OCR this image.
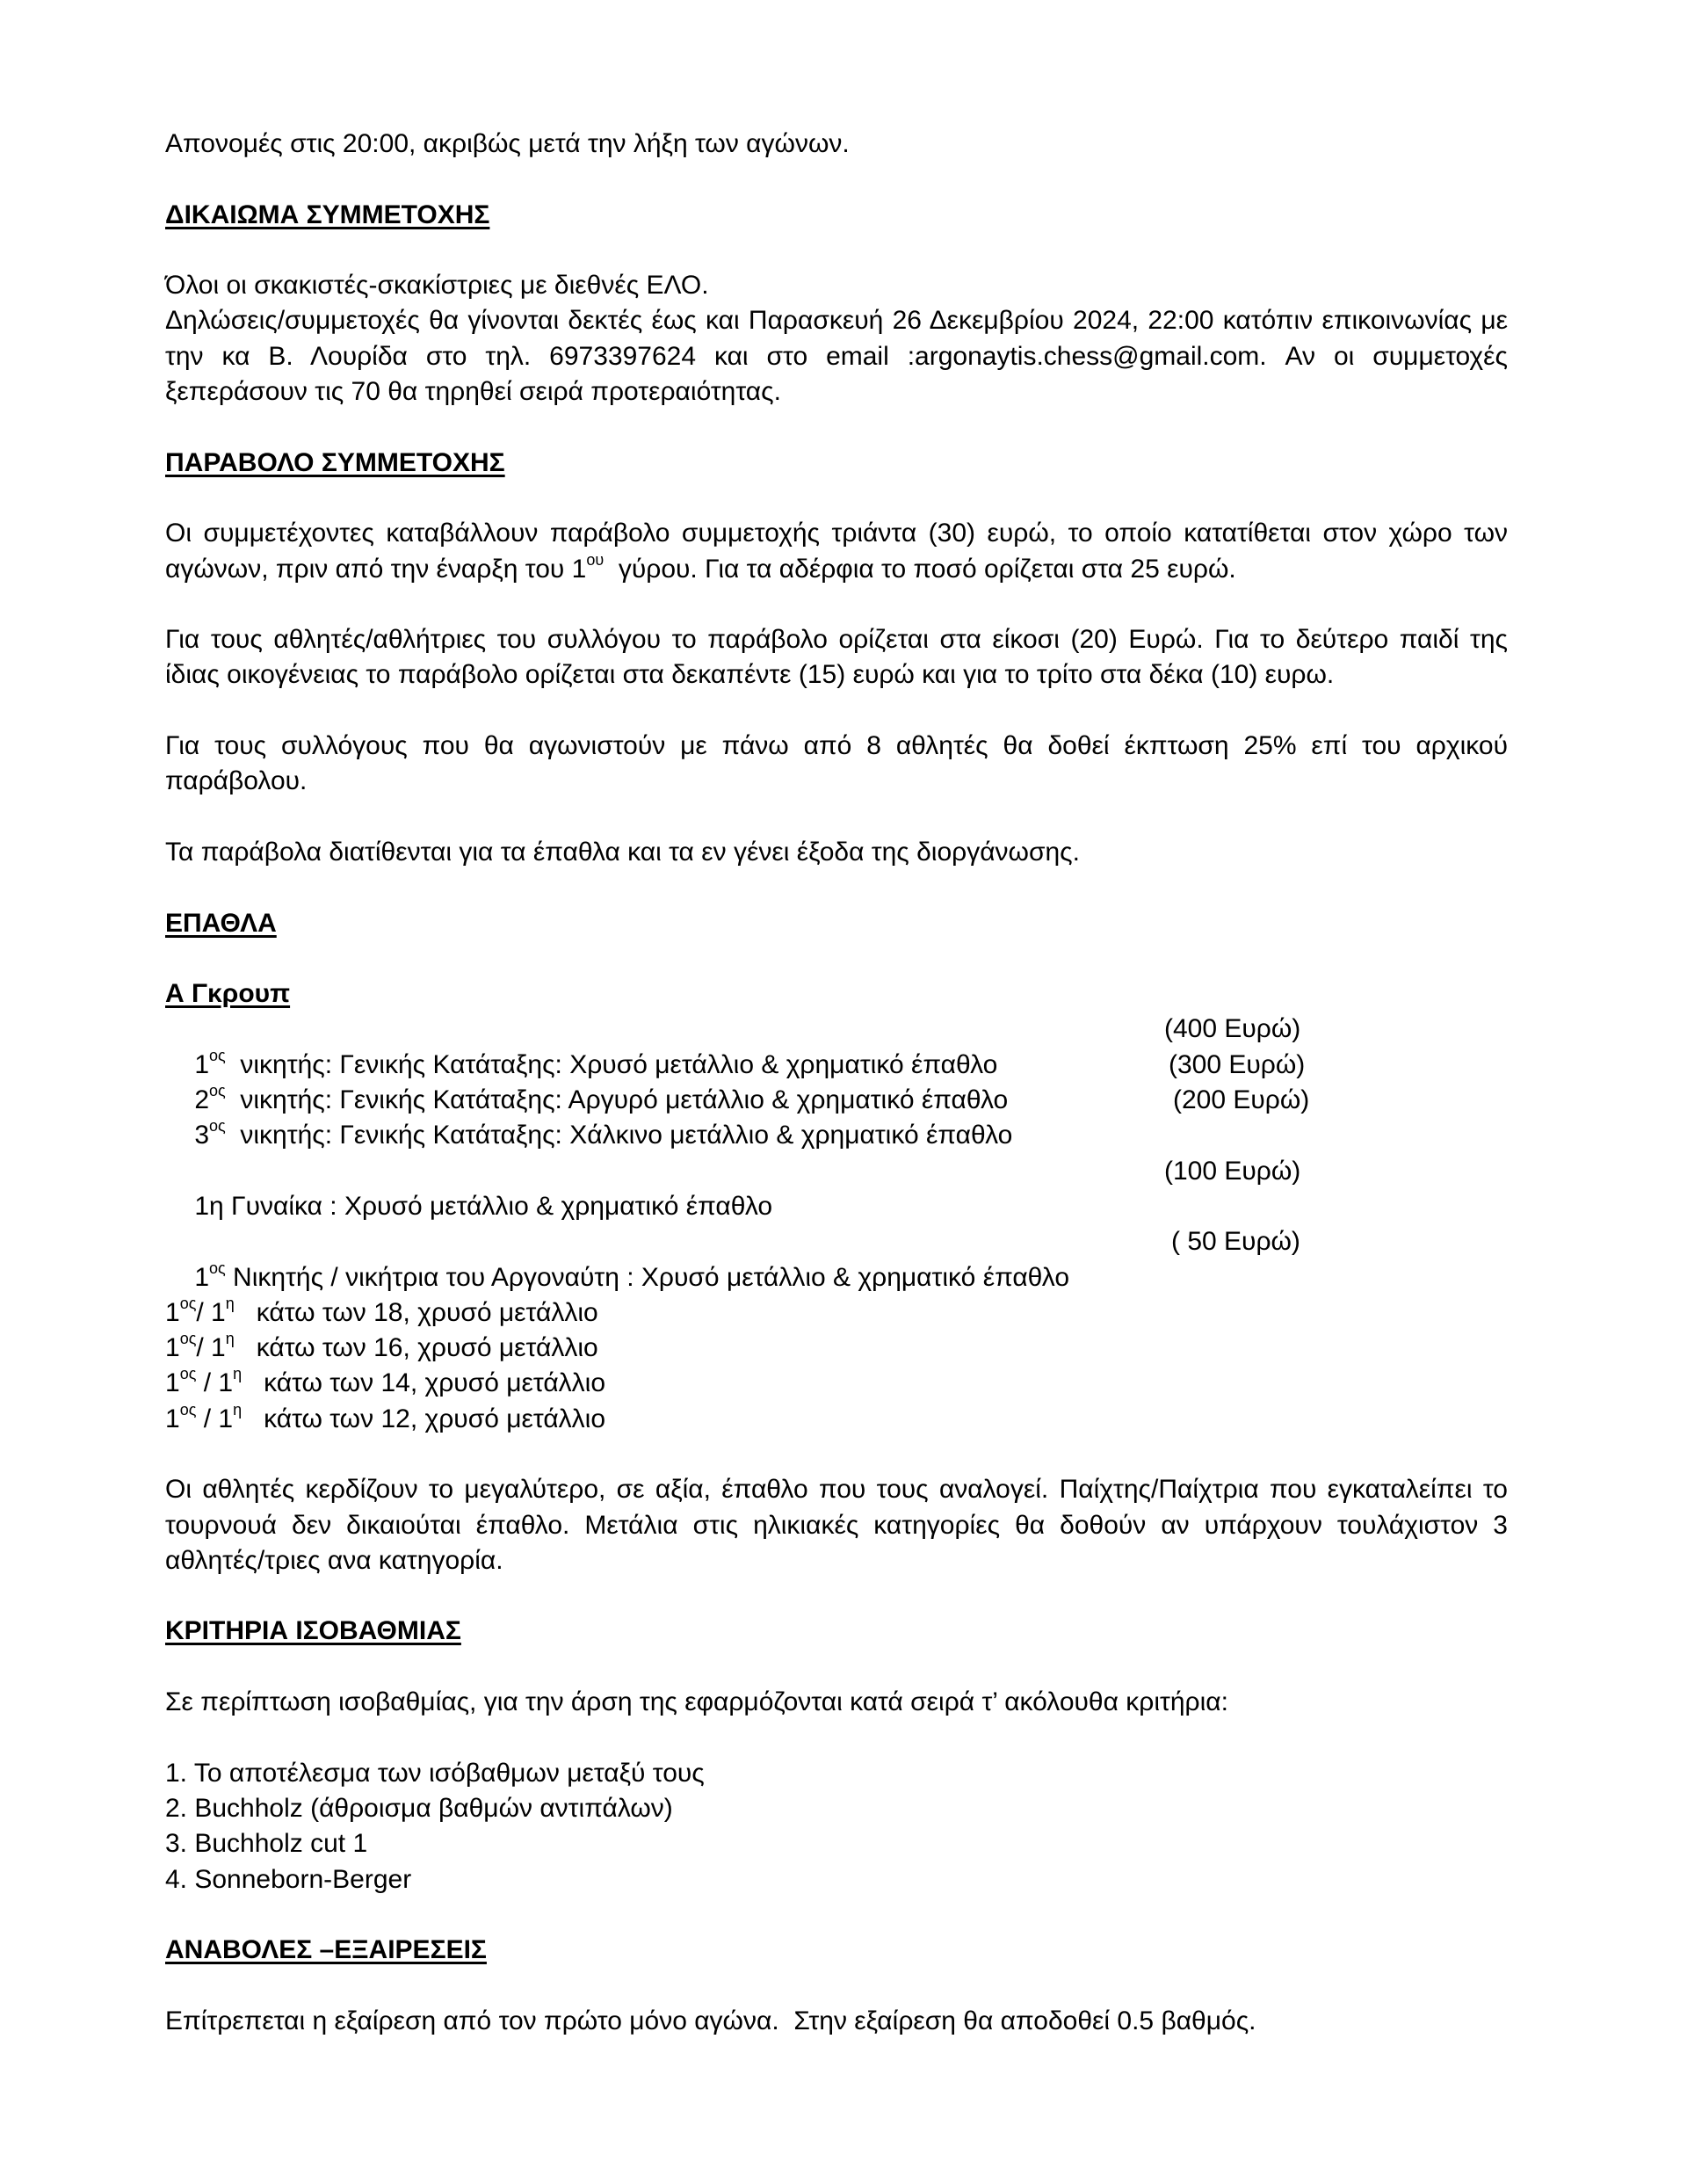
Απονομές στις 20:00, ακριβώς μετά την λήξη των αγώνων.
ΔΙΚΑΙΩΜΑ ΣΥΜΜΕΤΟΧΗΣ
Όλοι οι σκακιστές-σκακίστριες με διεθνές ΕΛΟ.
Δηλώσεις/συμμετοχές θα γίνονται δεκτές έως και Παρασκευή 26 Δεκεμβρίου 2024, 22:00 κατόπιν επικοινωνίας με την κα Β. Λουρίδα στο τηλ. 6973397624 και στο email :argonaytis.chess@gmail.com. Αν οι συμμετοχές ξεπεράσουν τις 70 θα τηρηθεί σειρά προτεραιότητας.
ΠΑΡΑΒΟΛΟ ΣΥΜΜΕΤΟΧΗΣ
Οι συμμετέχοντες καταβάλλουν παράβολο συμμετοχής τριάντα (30) ευρώ, το οποίο κατατίθεται στον χώρο των αγώνων, πριν από την έναρξη του $1^{o\upsilon}$  γύρου. Για τα αδέρφια το ποσό ορίζεται στα 25 ευρώ.
Για τους αθλητές/αθλήτριες του συλλόγου το παράβολο ορίζεται στα είκοσι (20) Ευρώ. Για το δεύτερο παιδί της ίδιας οικογένειας το παράβολο ορίζεται στα δεκαπέντε (15) ευρώ και για το τρίτο στα δέκα (10) ευρω.
Για τους συλλόγους που θα αγωνιστούν με πάνω από 8 αθλητές θα δοθεί έκπτωση 25% επί του αρχικού παράβολου.
Τα παράβολα διατίθενται για τα έπαθλα και τα εν γένει έξοδα της διοργάνωσης.
ΕΠΑΘΛΑ
Α Γκρουπ

$1^{o\varsigma}$  νικητής: Γενικής Κατάταξης: Χρυσό μετάλλιο & χρηματικό έπαθλο

(400 Ευρώ)

$2^{o\varsigma}$  νικητής: Γενικής Κατάταξης: Αργυρό μετάλλιο & χρηματικό έπαθλο

(300 Ευρώ)

$3^{o\varsigma}$  νικητής: Γενικής Κατάταξης: Χάλκινο μετάλλιο & χρηματικό έπαθλο

(200 Ευρώ)

1η Γυναίκα : Χρυσό μετάλλιο & χρηματικό έπαθλο

(100 Ευρώ)

$1^{o\varsigma}$ Νικητής / νικήτρια του Αργοναύτη : Χρυσό μετάλλιο & χρηματικό έπαθλο

( 50 Ευρώ)

$1^{o\varsigma}/$ $1^\eta$   κάτω των 18, χρυσό μετάλλιο
$1^{o\varsigma}/$ $1^\eta$   κάτω των 16, χρυσό μετάλλιο
$1^{o\varsigma} / 1^\eta$   κάτω των 14, χρυσό μετάλλιο
$1^{o\varsigma} / 1^\eta$   κάτω των 12, χρυσό μετάλλιο
Οι αθλητές κερδίζουν το μεγαλύτερο, σε αξία, έπαθλο που τους αναλογεί. Παίχτης/Παίχτρια που εγκαταλείπει το τουρνουά δεν δικαιούται έπαθλο. Μετάλια στις ηλικιακές κατηγορίες θα δοθούν αν υπάρχουν τουλάχιστον 3 αθλητές/τριες ανα κατηγορία.
ΚΡΙΤΗΡΙΑ ΙΣΟΒΑΘΜΙΑΣ
Σε περίπτωση ισοβαθμίας, για την άρση της εφαρμόζονται κατά σειρά τ’ ακόλουθα κριτήρια:
1. Το αποτέλεσμα των ισόβαθμων μεταξύ τους
2. Buchholz (άθροισμα βαθμών αντιπάλων)
3. Buchholz cut 1
4. Sonneborn-Berger
ΑΝΑΒΟΛΕΣ –ΕΞΑΙΡΕΣΕΙΣ
Επίτρεπεται η εξαίρεση από τον πρώτο μόνο αγώνα.  Στην εξαίρεση θα αποδοθεί 0.5 βαθμός.
